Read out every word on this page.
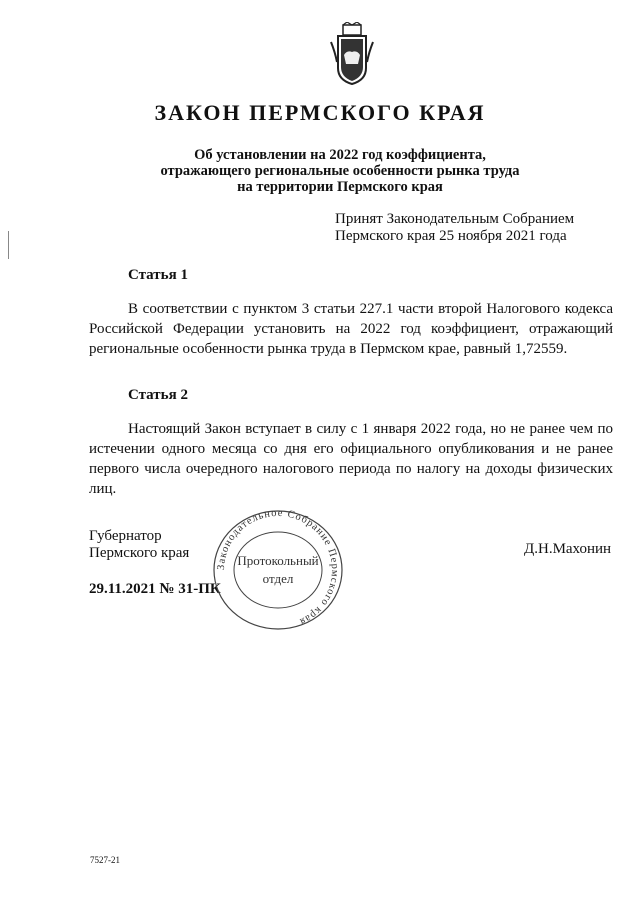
ЗАКОН ПЕРМСКОГО КРАЯ
Об установлении на 2022 год коэффициента,
отражающего региональные особенности рынка труда
на территории Пермского края
Принят Законодательным Собранием
Пермского края 25 ноября 2021 года
Статья 1
В соответствии с пунктом 3 статьи 227.1 части второй Налогового кодекса Российской Федерации установить на 2022 год коэффициент, отражающий региональные особенности рынка труда в Пермском крае, равный 1,72559.
Статья 2
Настоящий Закон вступает в силу с 1 января 2022 года, но не ранее чем по истечении одного месяца со дня его официального опубликования и не ранее первого числа очередного налогового периода по налогу на доходы физических лиц.
Губернатор
Пермского края	Д.Н.Махонин
29.11.2021 № 31-ПК
Законодательное Собрание Пермского края
Протокольный
отдел
7527-21
